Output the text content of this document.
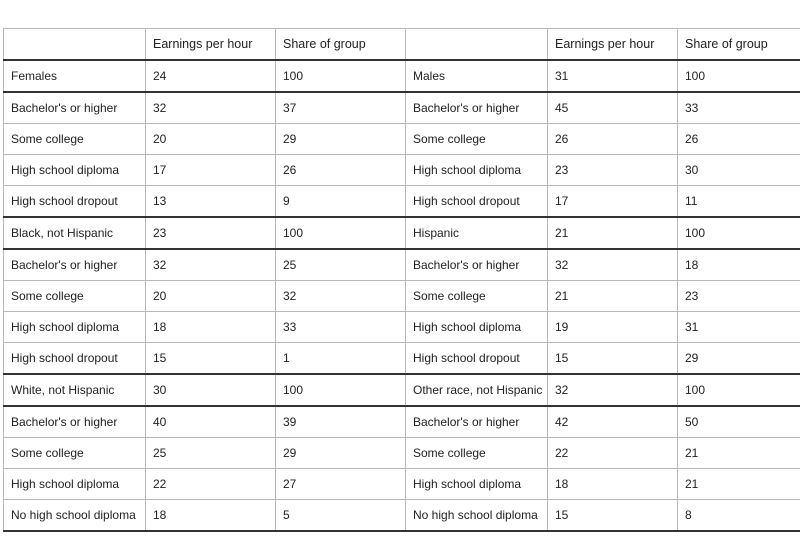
	Earnings per hour	Share of group		Earnings per hour	Share of group
Females	24	100	Males	31	100
Bachelor's or higher	32	37	Bachelor's or higher	45	33
Some college	20	29	Some college	26	26
High school diploma	17	26	High school diploma	23	30
High school dropout	13	9	High school dropout	17	11
Black, not Hispanic	23	100	Hispanic	21	100
Bachelor's or higher	32	25	Bachelor's or higher	32	18
Some college	20	32	Some college	21	23
High school diploma	18	33	High school diploma	19	31
High school dropout	15	1	High school dropout	15	29
White, not Hispanic	30	100	Other race, not Hispanic	32	100
Bachelor's or higher	40	39	Bachelor's or higher	42	50
Some college	25	29	Some college	22	21
High school diploma	22	27	High school diploma	18	21
No high school diploma	18	5	No high school diploma	15	8
